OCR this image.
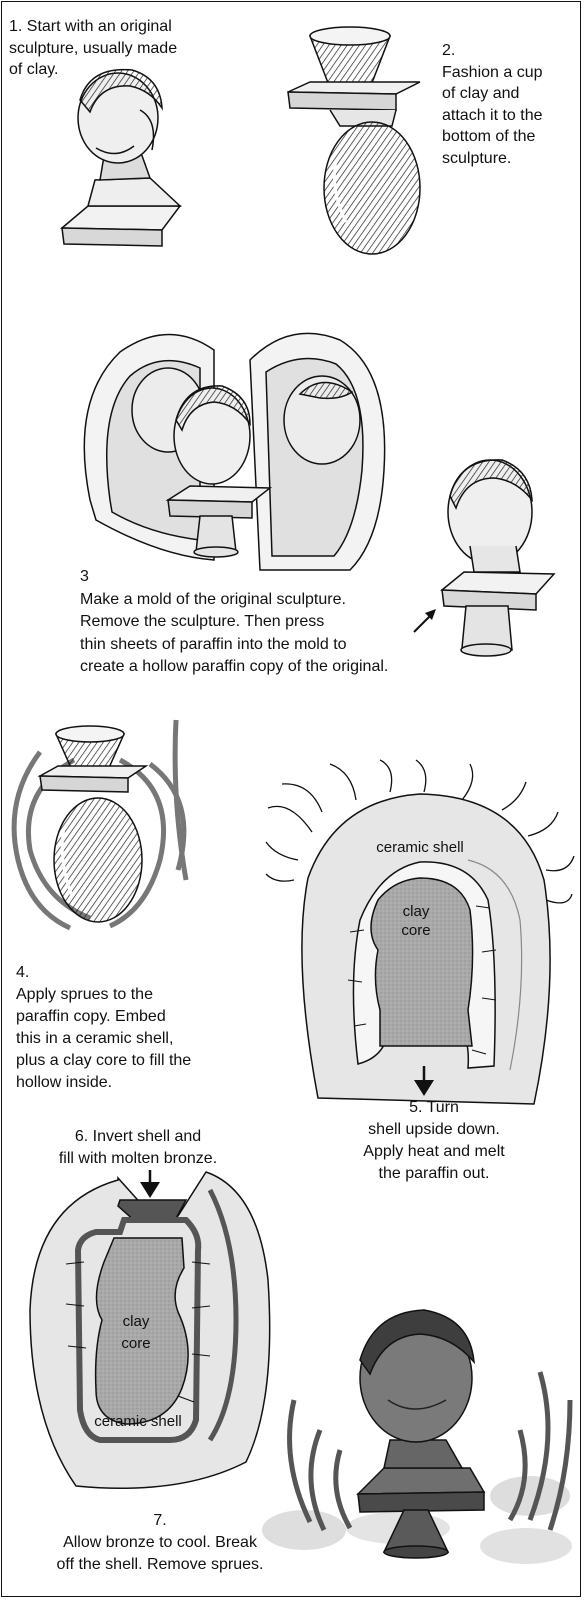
ceramic shell
clay
core
clay
core
ceramic shell
1. Start with an original
sculpture, usually made
of clay.
2.
Fashion a cup
of clay and
attach it to the
bottom of the
sculpture.
3
Make a mold of the original sculpture.
Remove the sculpture. Then press
thin sheets of paraffin into the mold to
create a hollow paraffin copy of the original.
4.
Apply sprues to the
paraffin copy. Embed
this in a ceramic shell,
plus a clay core to fill the
hollow inside.
5. Turn
shell upside down.
Apply heat and melt
the paraffin out.
6. Invert shell and
fill with molten bronze.
7.
Allow bronze to cool. Break
off the shell. Remove sprues.
